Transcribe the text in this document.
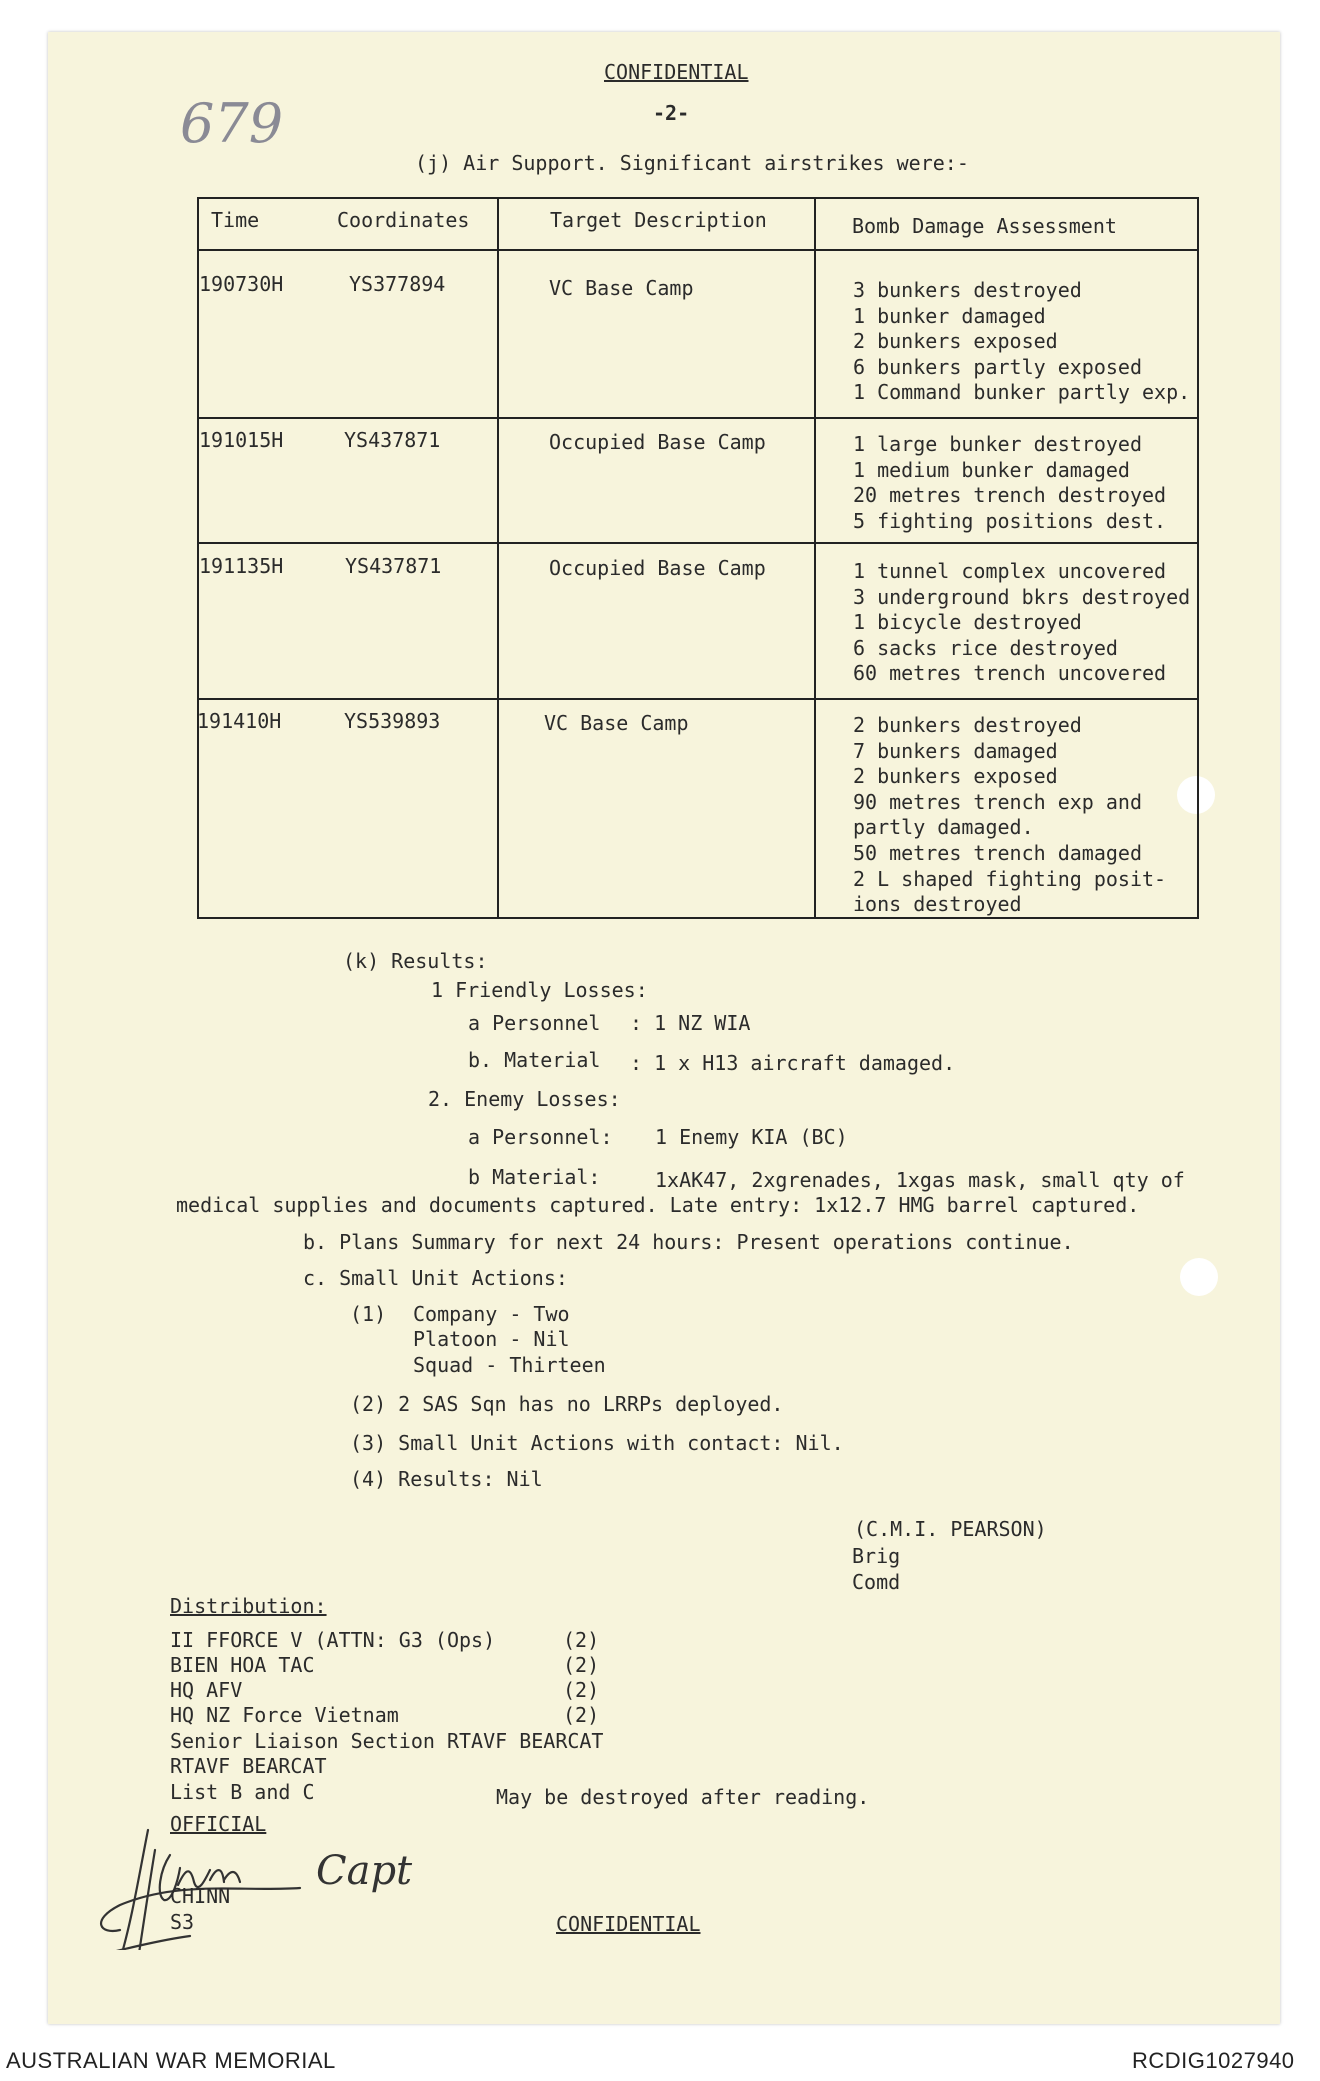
CONFIDENTIAL
-2-
679
(j) Air Support. Significant airstrikes were:-
Time	Coordinates	Target Description	Bomb Damage Assessment
190730H	YS377894	VC Base Camp	3 bunkers destroyed
1 bunker damaged
2 bunkers exposed
6 bunkers partly exposed
1 Command bunker partly exp.
191015H	YS437871	Occupied Base Camp	1 large bunker destroyed
1 medium bunker damaged
20 metres trench destroyed
5 fighting positions dest.
191135H	YS437871	Occupied Base Camp	1 tunnel complex uncovered
3 underground bkrs destroyed
1 bicycle destroyed
6 sacks rice destroyed
60 metres trench uncovered
191410H	YS539893	VC Base Camp	2 bunkers destroyed
7 bunkers damaged
2 bunkers exposed
90 metres trench exp and
partly damaged.
50 metres trench damaged
2 L shaped fighting posit-
ions destroyed
(k) Results:
1 Friendly Losses:
a Personnel : 1 NZ WIA
b. Material : 1 x H13 aircraft damaged.
2. Enemy Losses:
a Personnel: 1 Enemy KIA (BC)
b Material:	1xAK47, 2xgrenades, 1xgas mask, small qty of
medical supplies and documents captured. Late entry: 1x12.7 HMG barrel captured.
b. Plans Summary for next 24 hours: Present operations continue.
c. Small Unit Actions:
(1) Company - Two
Platoon - Nil
Squad - Thirteen
(2) 2 SAS Sqn has no LRRPs deployed.
(3) Small Unit Actions with contact: Nil.
(4) Results: Nil
(C.M.I. PEARSON)
Brig
Comd
Distribution:
II FFORCE V (ATTN: G3 (Ops)	(2)
BIEN HOA TAC	(2)
HQ AFV	(2)
HQ NZ Force Vietnam	(2)
Senior Liaison Section RTAVF BEARCAT
RTAVF BEARCAT
List B and C	May be destroyed after reading.
OFFICIAL
Capt
CHINN
S3	CONFIDENTIAL
AUSTRALIAN WAR MEMORIAL	RCDIG1027940
